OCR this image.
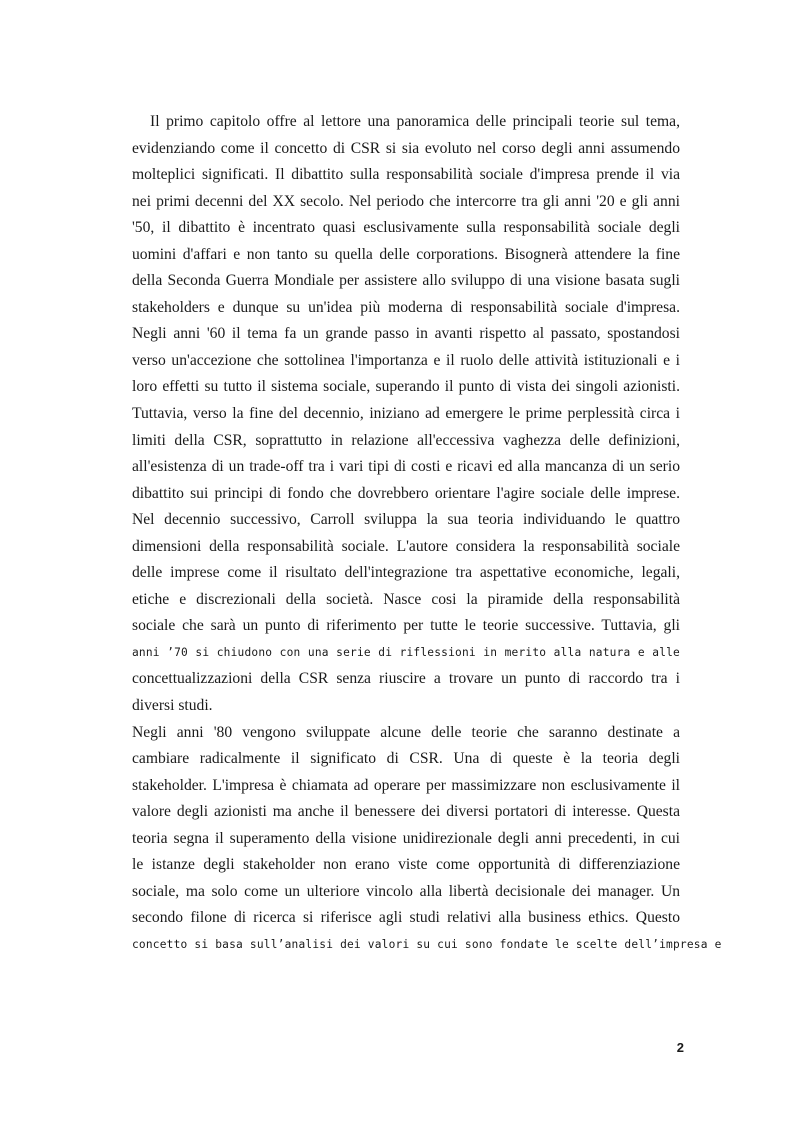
Il primo capitolo offre al lettore una panoramica delle principali teorie sul tema,
evidenziando come il concetto di CSR si sia evoluto nel corso degli anni assumendo
molteplici significati. Il dibattito sulla responsabilità sociale d'impresa prende il via
nei primi decenni del XX secolo. Nel periodo che intercorre tra gli anni '20 e gli anni
'50, il dibattito è incentrato quasi esclusivamente sulla responsabilità sociale degli
uomini d'affari e non tanto su quella delle corporations. Bisognerà attendere la fine
della Seconda Guerra Mondiale per assistere allo sviluppo di una visione basata sugli
stakeholders e dunque su un'idea più moderna di responsabilità sociale d'impresa.
Negli anni '60 il tema fa un grande passo in avanti rispetto al passato, spostandosi
verso un'accezione che sottolinea l'importanza e il ruolo delle attività istituzionali e i
loro effetti su tutto il sistema sociale, superando il punto di vista dei singoli azionisti.
Tuttavia, verso la fine del decennio, iniziano ad emergere le prime perplessità circa i
limiti della CSR, soprattutto in relazione all'eccessiva vaghezza delle definizioni,
all'esistenza di un trade-off tra i vari tipi di costi e ricavi ed alla mancanza di un serio
dibattito sui principi di fondo che dovrebbero orientare l'agire sociale delle imprese.
Nel decennio successivo, Carroll sviluppa la sua teoria individuando le quattro
dimensioni della responsabilità sociale. L'autore considera la responsabilità sociale
delle imprese come il risultato dell'integrazione tra aspettative economiche, legali,
etiche e discrezionali della società. Nasce cosi la piramide della responsabilità
sociale che sarà un punto di riferimento per tutte le teorie successive. Tuttavia, gli
anni ’70 si chiudono con una serie di riflessioni in merito alla natura e alle
concettualizzazioni della CSR senza riuscire a trovare un punto di raccordo tra i
diversi studi.
Negli anni '80 vengono sviluppate alcune delle teorie che saranno destinate a
cambiare radicalmente il significato di CSR. Una di queste è la teoria degli
stakeholder. L'impresa è chiamata ad operare per massimizzare non esclusivamente il
valore degli azionisti ma anche il benessere dei diversi portatori di interesse. Questa
teoria segna il superamento della visione unidirezionale degli anni precedenti, in cui
le istanze degli stakeholder non erano viste come opportunità di differenziazione
sociale, ma solo come un ulteriore vincolo alla libertà decisionale dei manager. Un
secondo filone di ricerca si riferisce agli studi relativi alla business ethics. Questo
concetto si basa sull’analisi dei valori su cui sono fondate le scelte dell’impresa e
2
